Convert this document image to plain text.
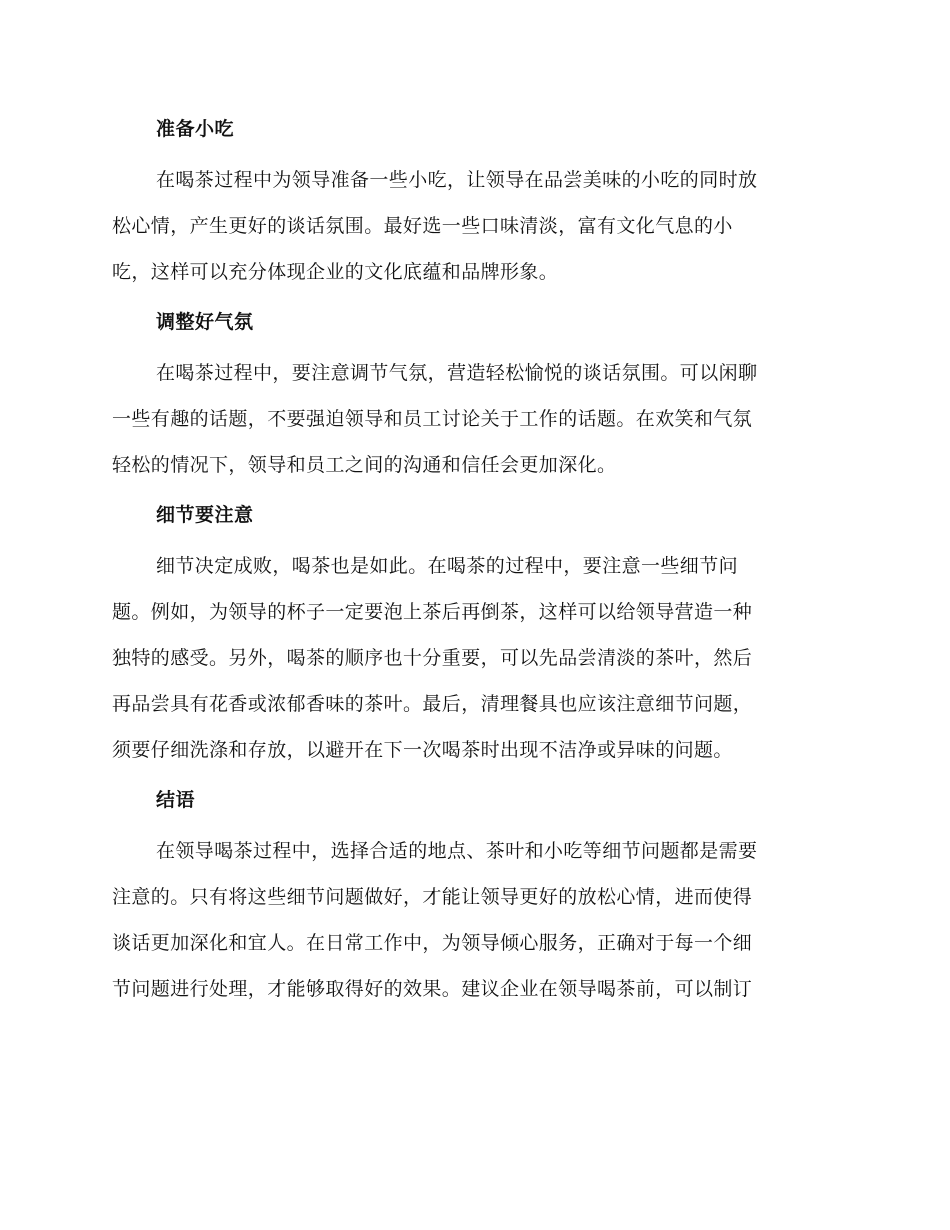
准备小吃

在喝茶过程中为领导准备一些小吃，让领导在品尝美味的小吃的同时放
松心情，产生更好的谈话氛围。最好选一些口味清淡，富有文化气息的小
吃，这样可以充分体现企业的文化底蕴和品牌形象。

调整好气氛

在喝茶过程中，要注意调节气氛，营造轻松愉悦的谈话氛围。可以闲聊
一些有趣的话题，不要强迫领导和员工讨论关于工作的话题。在欢笑和气氛
轻松的情况下，领导和员工之间的沟通和信任会更加深化。

细节要注意

细节决定成败，喝茶也是如此。在喝茶的过程中，要注意一些细节问
题。例如，为领导的杯子一定要泡上茶后再倒茶，这样可以给领导营造一种
独特的感受。另外，喝茶的顺序也十分重要，可以先品尝清淡的茶叶，然后
再品尝具有花香或浓郁香味的茶叶。最后，清理餐具也应该注意细节问题，
须要仔细洗涤和存放，以避开在下一次喝茶时出现不洁净或异味的问题。

结语

在领导喝茶过程中，选择合适的地点、茶叶和小吃等细节问题都是需要
注意的。只有将这些细节问题做好，才能让领导更好的放松心情，进而使得
谈话更加深化和宜人。在日常工作中，为领导倾心服务，正确对于每一个细
节问题进行处理，才能够取得好的效果。建议企业在领导喝茶前，可以制订
